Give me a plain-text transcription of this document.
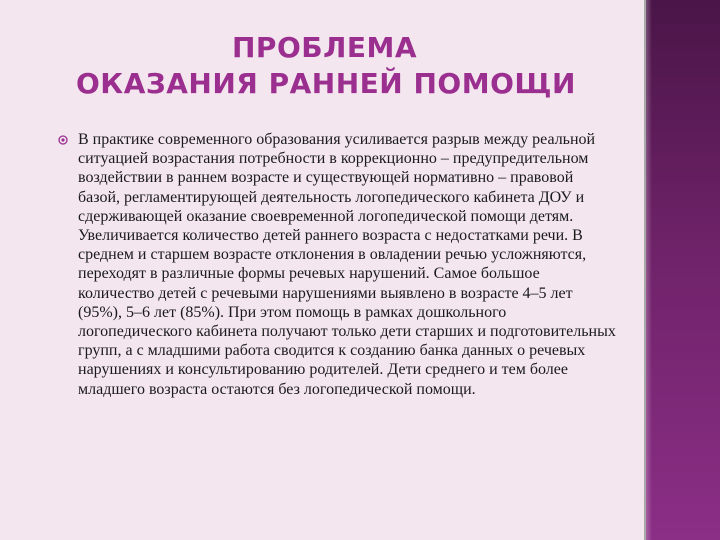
ПРОБЛЕМА
ОКАЗАНИЯ РАННЕЙ ПОМОЩИ

В практике современного образования усиливается разрыв между реальной ситуацией возрастания потребности в коррекционно – предупредительном воздействии в раннем возрасте и существующей нормативно – правовой базой, регламентирующей деятельность логопедического кабинета ДОУ и сдерживающей оказание своевременной логопедической помощи детям. Увеличивается количество детей раннего возраста с недостатками речи. В среднем и старшем возрасте отклонения в овладении речью усложняются, переходят в различные формы речевых нарушений. Самое большое количество детей с речевыми нарушениями выявлено в возрасте 4–5 лет (95%), 5–6 лет (85%). При этом помощь в рамках дошкольного логопедического кабинета получают только дети старших и подготовительных групп, а с младшими работа сводится к созданию банка данных о речевых нарушениях и консультированию родителей. Дети среднего и тем более младшего возраста остаются без логопедической помощи.
